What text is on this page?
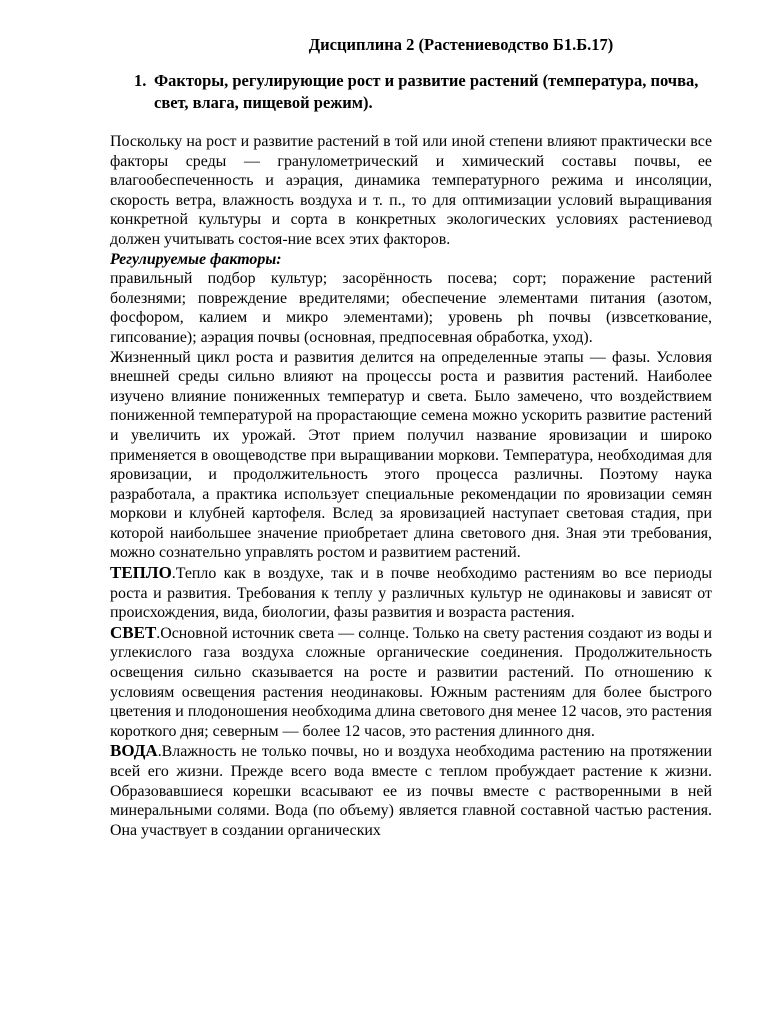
Дисциплина 2 (Растениеводство Б1.Б.17)
1. Факторы, регулирующие рост и развитие растений (температура, почва, свет, влага, пищевой режим).

Поскольку на рост и развитие растений в той или иной степени влияют практически все факторы среды — гранулометрический и химический составы почвы, ее влагообеспеченность и аэрация, динамика температурного режима и инсоляции, скорость ветра, влажность воздуха и т. п., то для оптимизации условий выращивания конкретной культуры и сорта в конкретных экологических условиях растениевод должен учитывать состоя-ние всех этих факторов.

Регулируемые факторы:

правильный подбор культур; засорённость посева; сорт; поражение растений болезнями; повреждение вредителями; обеспечение элементами питания (азотом, фосфором, калием и микро элементами); уровень ph почвы (извсеткование, гипсование); аэрация почвы (основная, предпосевная обработка, уход).

Жизненный цикл роста и развития делится на определенные этапы — фазы. Условия внешней среды сильно влияют на процессы роста и развития растений. Наиболее изучено влияние пониженных температур и света. Было замечено, что воздействием пониженной температурой на прорастающие семена можно ускорить развитие растений и увеличить их урожай. Этот прием получил название яровизации и широко применяется в овощеводстве при выращивании моркови. Температура, необходимая для яровизации, и продолжительность этого процесса различны. Поэтому наука разработала, а практика использует специальные рекомендации по яровизации семян моркови и клубней картофеля. Вслед за яровизацией наступает световая стадия, при которой наибольшее значение приобретает длина светового дня. Зная эти требования, можно сознательно управлять ростом и развитием растений.

ТЕПЛО.Тепло как в воздухе, так и в почве необходимо растениям во все периоды роста и развития. Требования к теплу у различных культур не одинаковы и зависят от происхождения, вида, биологии, фазы развития и возраста растения.

СВЕТ.Основной источник света — солнце. Только на свету растения создают из воды и углекислого газа воздуха сложные органические соединения. Продолжительность освещения сильно сказывается на росте и развитии растений. По отношению к условиям освещения растения неодинаковы. Южным растениям для более быстрого цветения и плодоношения необходима длина светового дня менее 12 часов, это растения короткого дня; северным — более 12 часов, это растения длинного дня.

ВОДА.Влажность не только почвы, но и воздуха необходима растению на протяжении всей его жизни. Прежде всего вода вместе с теплом пробуждает растение к жизни. Образовавшиеся корешки всасывают ее из почвы вместе с растворенными в ней минеральными солями. Вода (по объему) является главной составной частью растения. Она участвует в создании органических
